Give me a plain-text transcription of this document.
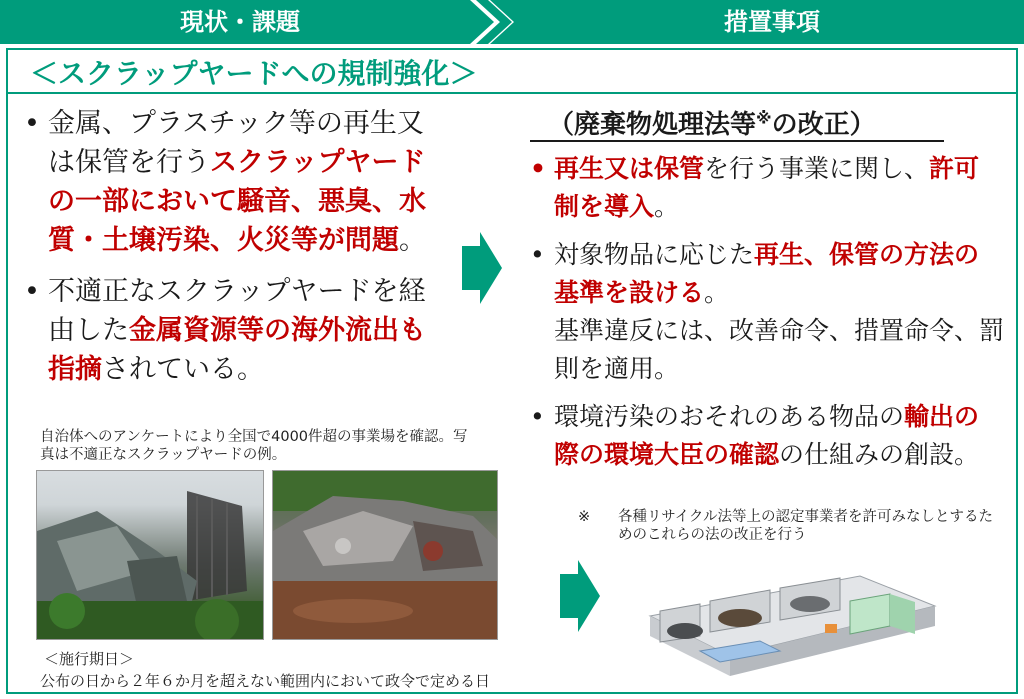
現状・課題	措置事項
＜スクラップヤードへの規制強化＞
• 金属、プラスチック等の再生又は保管を行うスクラップヤードの一部において騒音、悪臭、水質・土壌汚染、火災等が問題。
• 不適正なスクラップヤードを経由した金属資源等の海外流出も指摘されている。
自治体へのアンケートにより全国で4000件超の事業場を確認。写真は不適正なスクラップヤードの例。
＜施行期日＞
公布の日から２年６か月を超えない範囲内において政令で定める日
（廃棄物処理法等※の改正）
• 再生又は保管を行う事業に関し、許可制を導入。
• 対象物品に応じた再生、保管の方法の基準を設ける。
基準違反には、改善命令、措置命令、罰則を適用。
• 環境汚染のおそれのある物品の輸出の際の環境大臣の確認の仕組みの創設。
※ 各種リサイクル法等上の認定事業者を許可みなしとするためのこれらの法の改正を行う
